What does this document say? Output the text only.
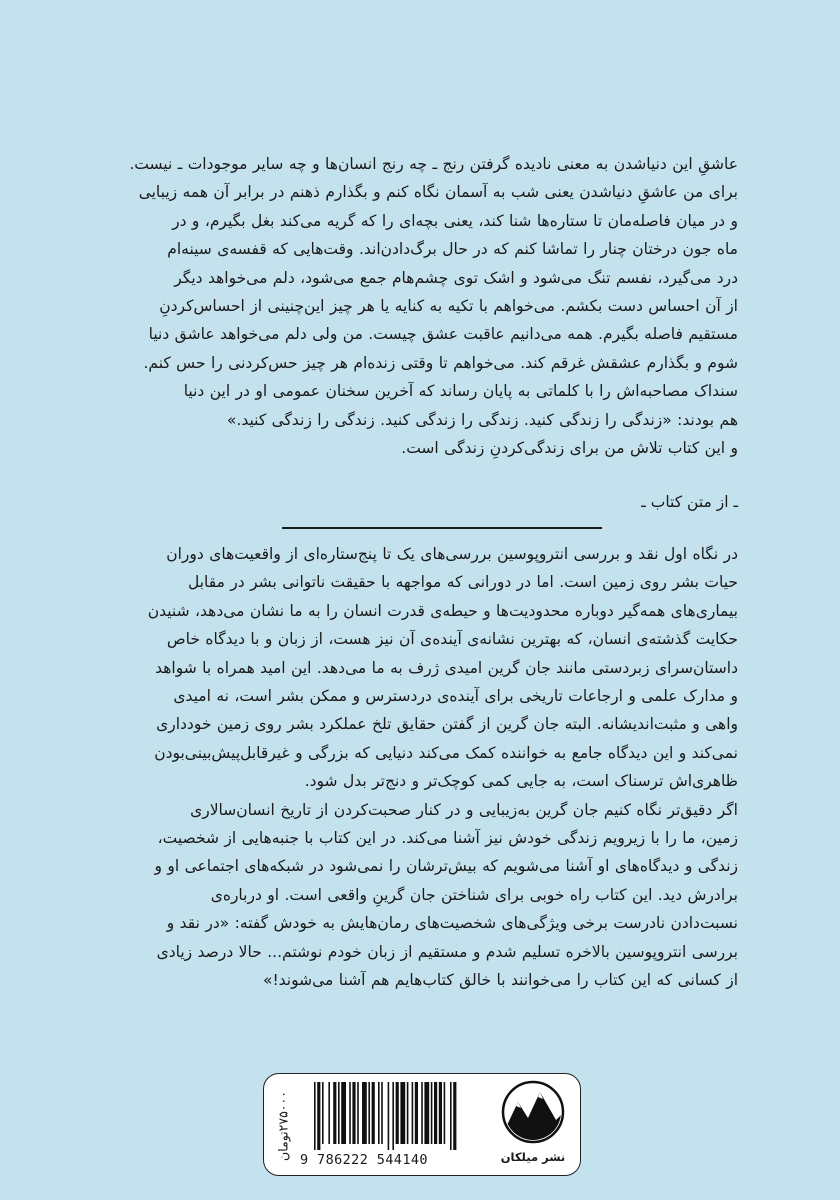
عاشقِ این دنیاشدن به معنی نادیده گرفتن رنج ـ چه رنج انسان‌ها و چه سایر موجودات ـ نیست.

برای من عاشقِ دنیاشدن یعنی شب به آسمان نگاه کنم و بگذارم ذهنم در برابر آن همه زیبایی

و در میان فاصله‌مان تا ستاره‌ها شنا کند، یعنی بچه‌ای را که گریه می‌کند بغل بگیرم، و در

ماه جون درختان چنار را تماشا کنم که در حال برگ‌دادن‌اند. وقت‌هایی که قفسه‌ی سینه‌ام

درد می‌گیرد، نفسم تنگ می‌شود و اشک توی چشم‌هام جمع می‌شود، دلم می‌خواهد دیگر

از آن احساس دست بکشم. می‌خواهم با تکیه به کنایه یا هر چیز این‌چنینی از احساس‌کردنِ

مستقیم فاصله بگیرم. همه می‌دانیم عاقبت عشق چیست. من ولی دلم می‌خواهد عاشق دنیا

شوم و بگذارم عشقش غرقم کند. می‌خواهم تا وقتی زنده‌ام هر چیز حس‌کردنی را حس کنم.

سنداک مصاحبه‌اش را با کلماتی به پایان رساند که آخرین سخنان عمومی او در این دنیا

هم بودند: «زندگی را زندگی کنید. زندگی را زندگی کنید. زندگی را زندگی کنید.»

و این کتاب تلاش من برای زندگی‌کردنِ زندگی است.

ـ از متن کتاب ـ

در نگاه اول نقد و بررسی انتروپوسین بررسی‌های یک تا پنج‌ستاره‌ای از واقعیت‌های دوران

حیات بشر روی زمین است. اما در دورانی که مواجهه با حقیقت ناتوانی بشر در مقابل

بیماری‌های همه‌گیر دوباره محدودیت‌ها و حیطه‌ی قدرت انسان را به ما نشان می‌دهد، شنیدن

حکایت گذشته‌ی انسان، که بهترین نشانه‌ی آینده‌ی آن نیز هست، از زبان و با دیدگاه خاص

داستان‌سرای زبردستی مانند جان گرین امیدی ژرف به ما می‌دهد. این امید همراه با شواهد

و مدارک علمی و ارجاعات تاریخی برای آینده‌ی دردسترس و ممکن بشر است، نه امیدی

واهی و مثبت‌اندیشانه. البته جان گرین از گفتن حقایق تلخ عملکرد بشر روی زمین خودداری

نمی‌کند و این دیدگاه جامع به خواننده کمک می‌کند دنیایی که بزرگی و غیرقابل‌پیش‌بینی‌بودن

ظاهری‌اش ترسناک است، به جایی کمی کوچک‌تر و دنج‌تر بدل شود.

اگر دقیق‌تر نگاه کنیم جان گرین به‌زیبایی و در کنار صحبت‌کردن از تاریخ انسان‌سالاری

زمین، ما را با زیرویم زندگی خودش نیز آشنا می‌کند. در این کتاب با جنبه‌هایی از شخصیت،

زندگی و دیدگاه‌های او آشنا می‌شویم که بیش‌ترشان را نمی‌شود در شبکه‌های اجتماعی او و

برادرش دید. این کتاب راه خوبی برای شناختن جان گرینِ واقعی است. او درباره‌ی

نسبت‌دادن نادرست برخی ویژگی‌های شخصیت‌های رمان‌هایش به خودش گفته: «در نقد و

بررسی انتروپوسین بالاخره تسلیم شدم و مستقیم از زبان خودم نوشتم... حالا درصد زیادی

از کسانی که این کتاب را می‌خوانند با خالق کتاب‌هایم هم آشنا می‌شوند!»

۲۷۵۰۰۰تومان
9 786222 544140	نشر میلکان
